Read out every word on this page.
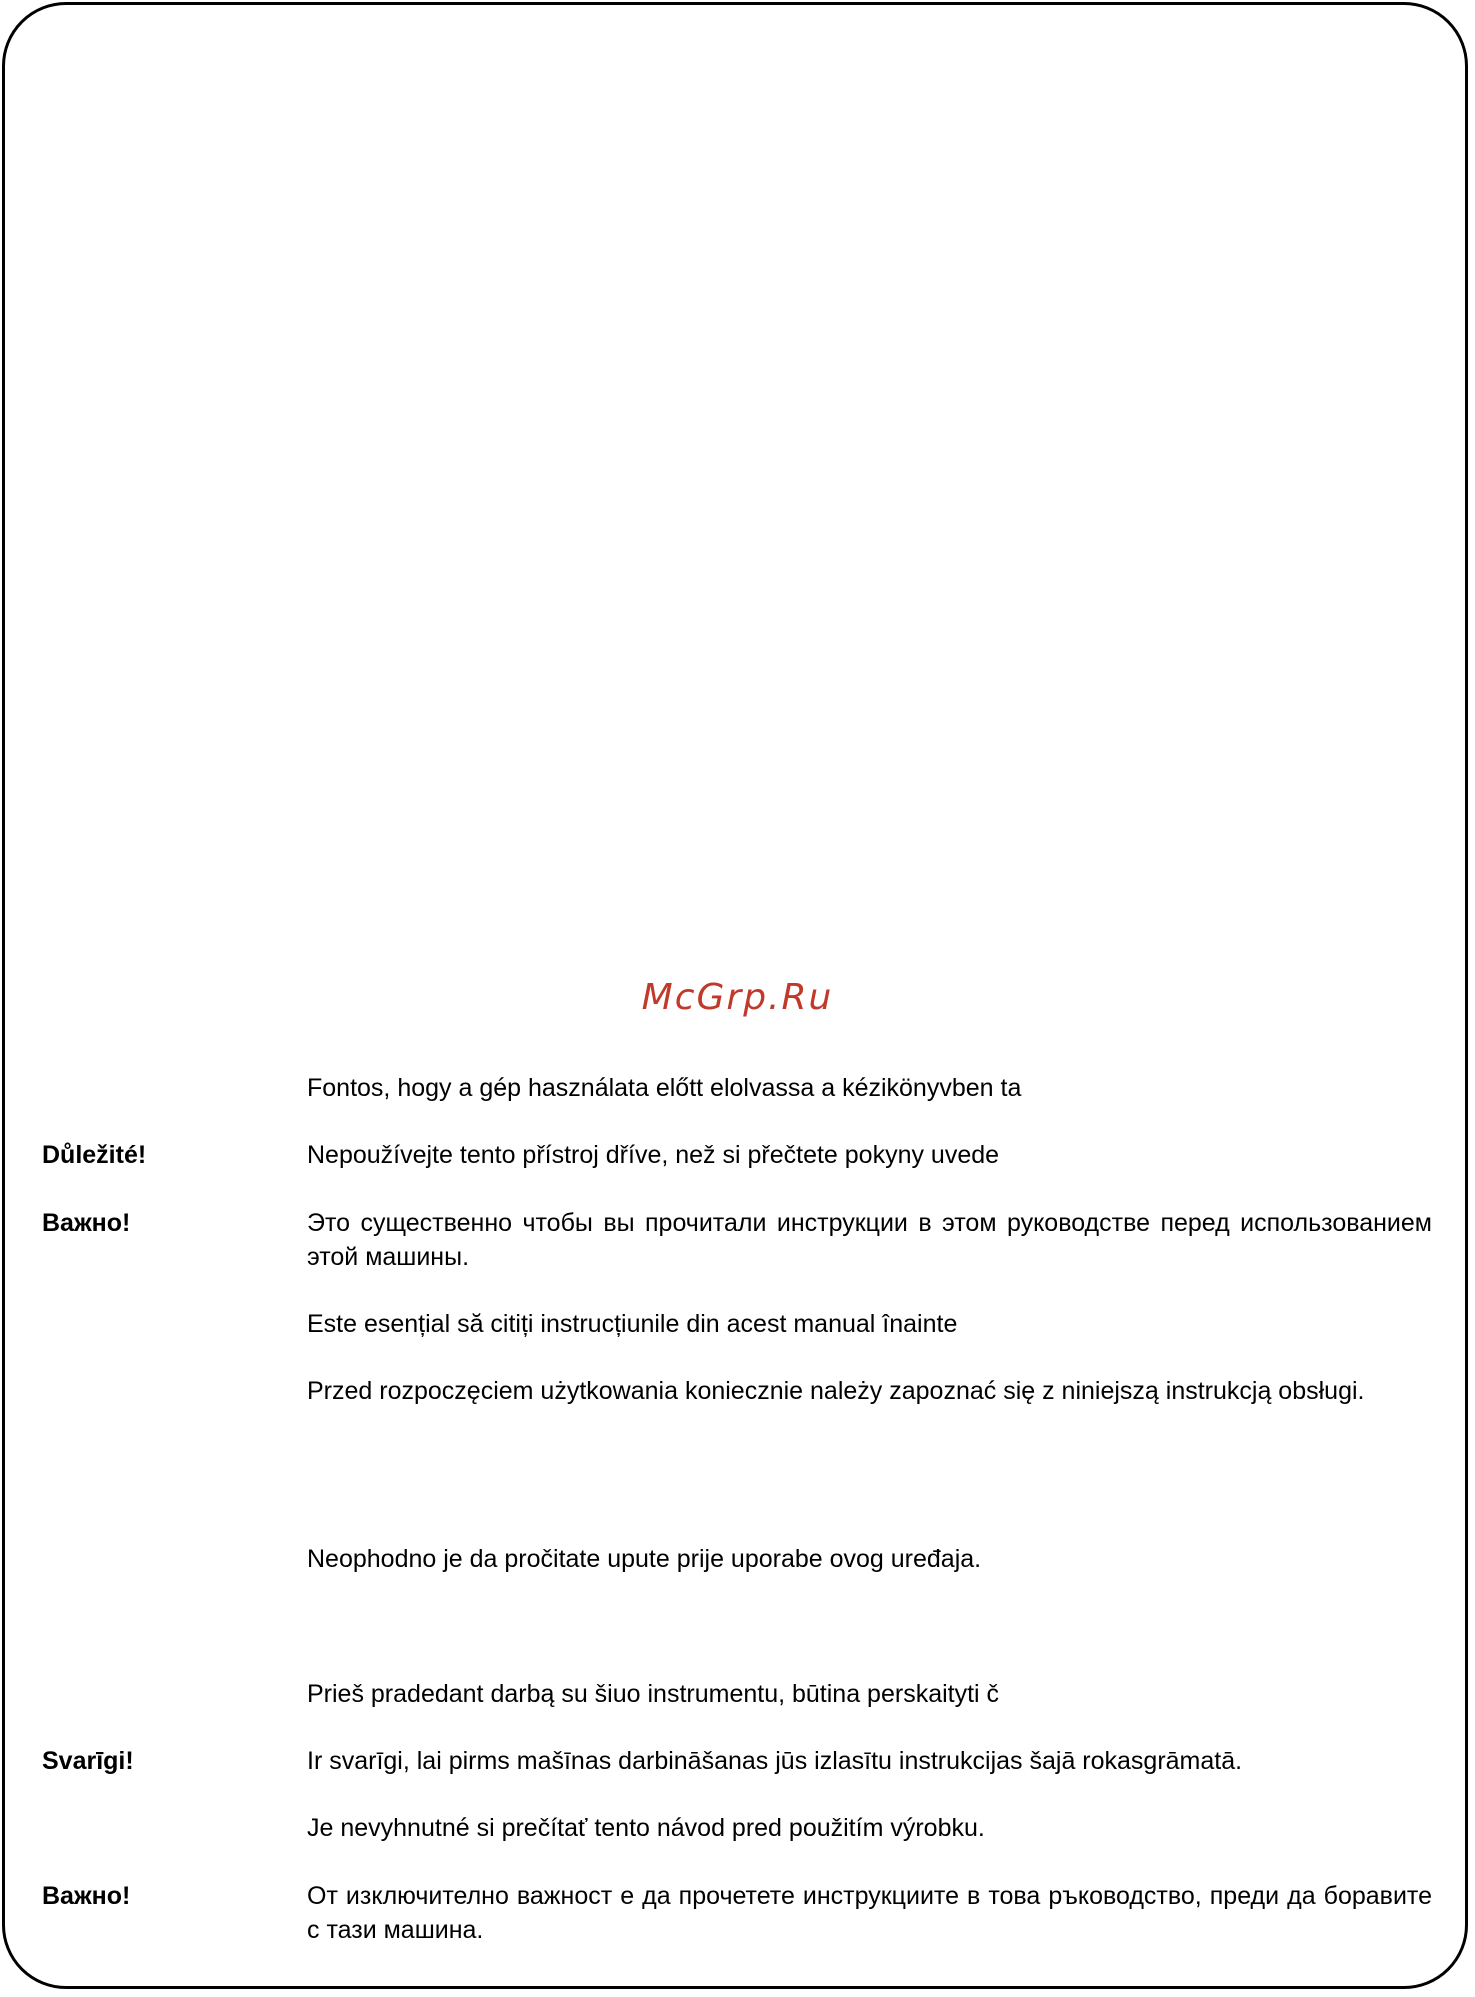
McGrp.Ru
Fontos, hogy a gép használata előtt elolvassa a kézikönyvben ta
Důležité!	Nepoužívejte tento přístroj dříve, než si přečtete pokyny uvede
Важно!	Это существенно чтобы вы прочитали инструкции в этом руководстве перед использованием этой машины.
Este esențial să citiți instrucțiunile din acest manual înainte
Przed rozpoczęciem użytkowania koniecznie należy zapoznać się z niniejszą instrukcją obsługi.
Neophodno je da pročitate upute prije uporabe ovog uređaja.
Prieš pradedant darbą su šiuo instrumentu, būtina perskaityti č
Svarīgi!	Ir svarīgi, lai pirms mašīnas darbināšanas jūs izlasītu instrukcijas šajā rokasgrāmatā.
Je nevyhnutné si prečítať tento návod pred použitím výrobku.
Важно!	От изключително важност е да прочетете инструкциите в това ръководство, преди да боравите с тази машина.
